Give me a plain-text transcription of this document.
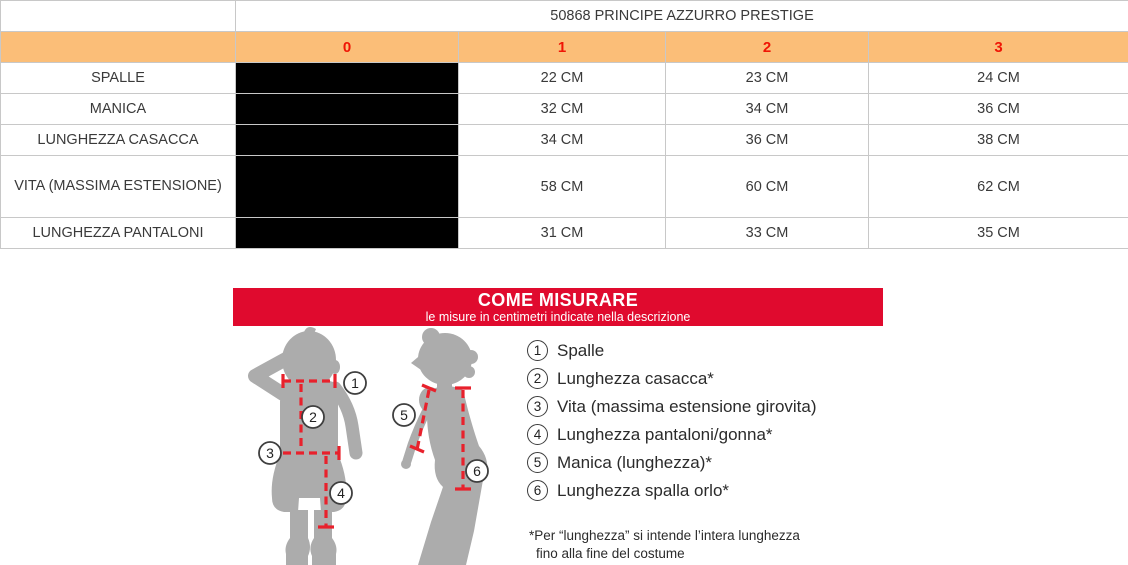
	50868 PRINCIPE AZZURRO PRESTIGE			
	0	1	2	3
SPALLE		22 CM	23 CM	24 CM
MANICA		32 CM	34 CM	36 CM
LUNGHEZZA CASACCA		34 CM	36 CM	38 CM
VITA (MASSIMA ESTENSIONE)		58 CM	60 CM	62 CM
LUNGHEZZA PANTALONI		31 CM	33 CM	35 CM
COME MISURARE
le misure in centimetri indicate nella descrizione
1
2
3
4
5
6
1 Spalle
2 Lunghezza casacca*
3 Vita (massima estensione girovita)
4 Lunghezza pantaloni/gonna*
5 Manica (lunghezza)*
6 Lunghezza spalla orlo*
*Per “lunghezza” si intende l’intera lunghezza
fino alla fine del costume
